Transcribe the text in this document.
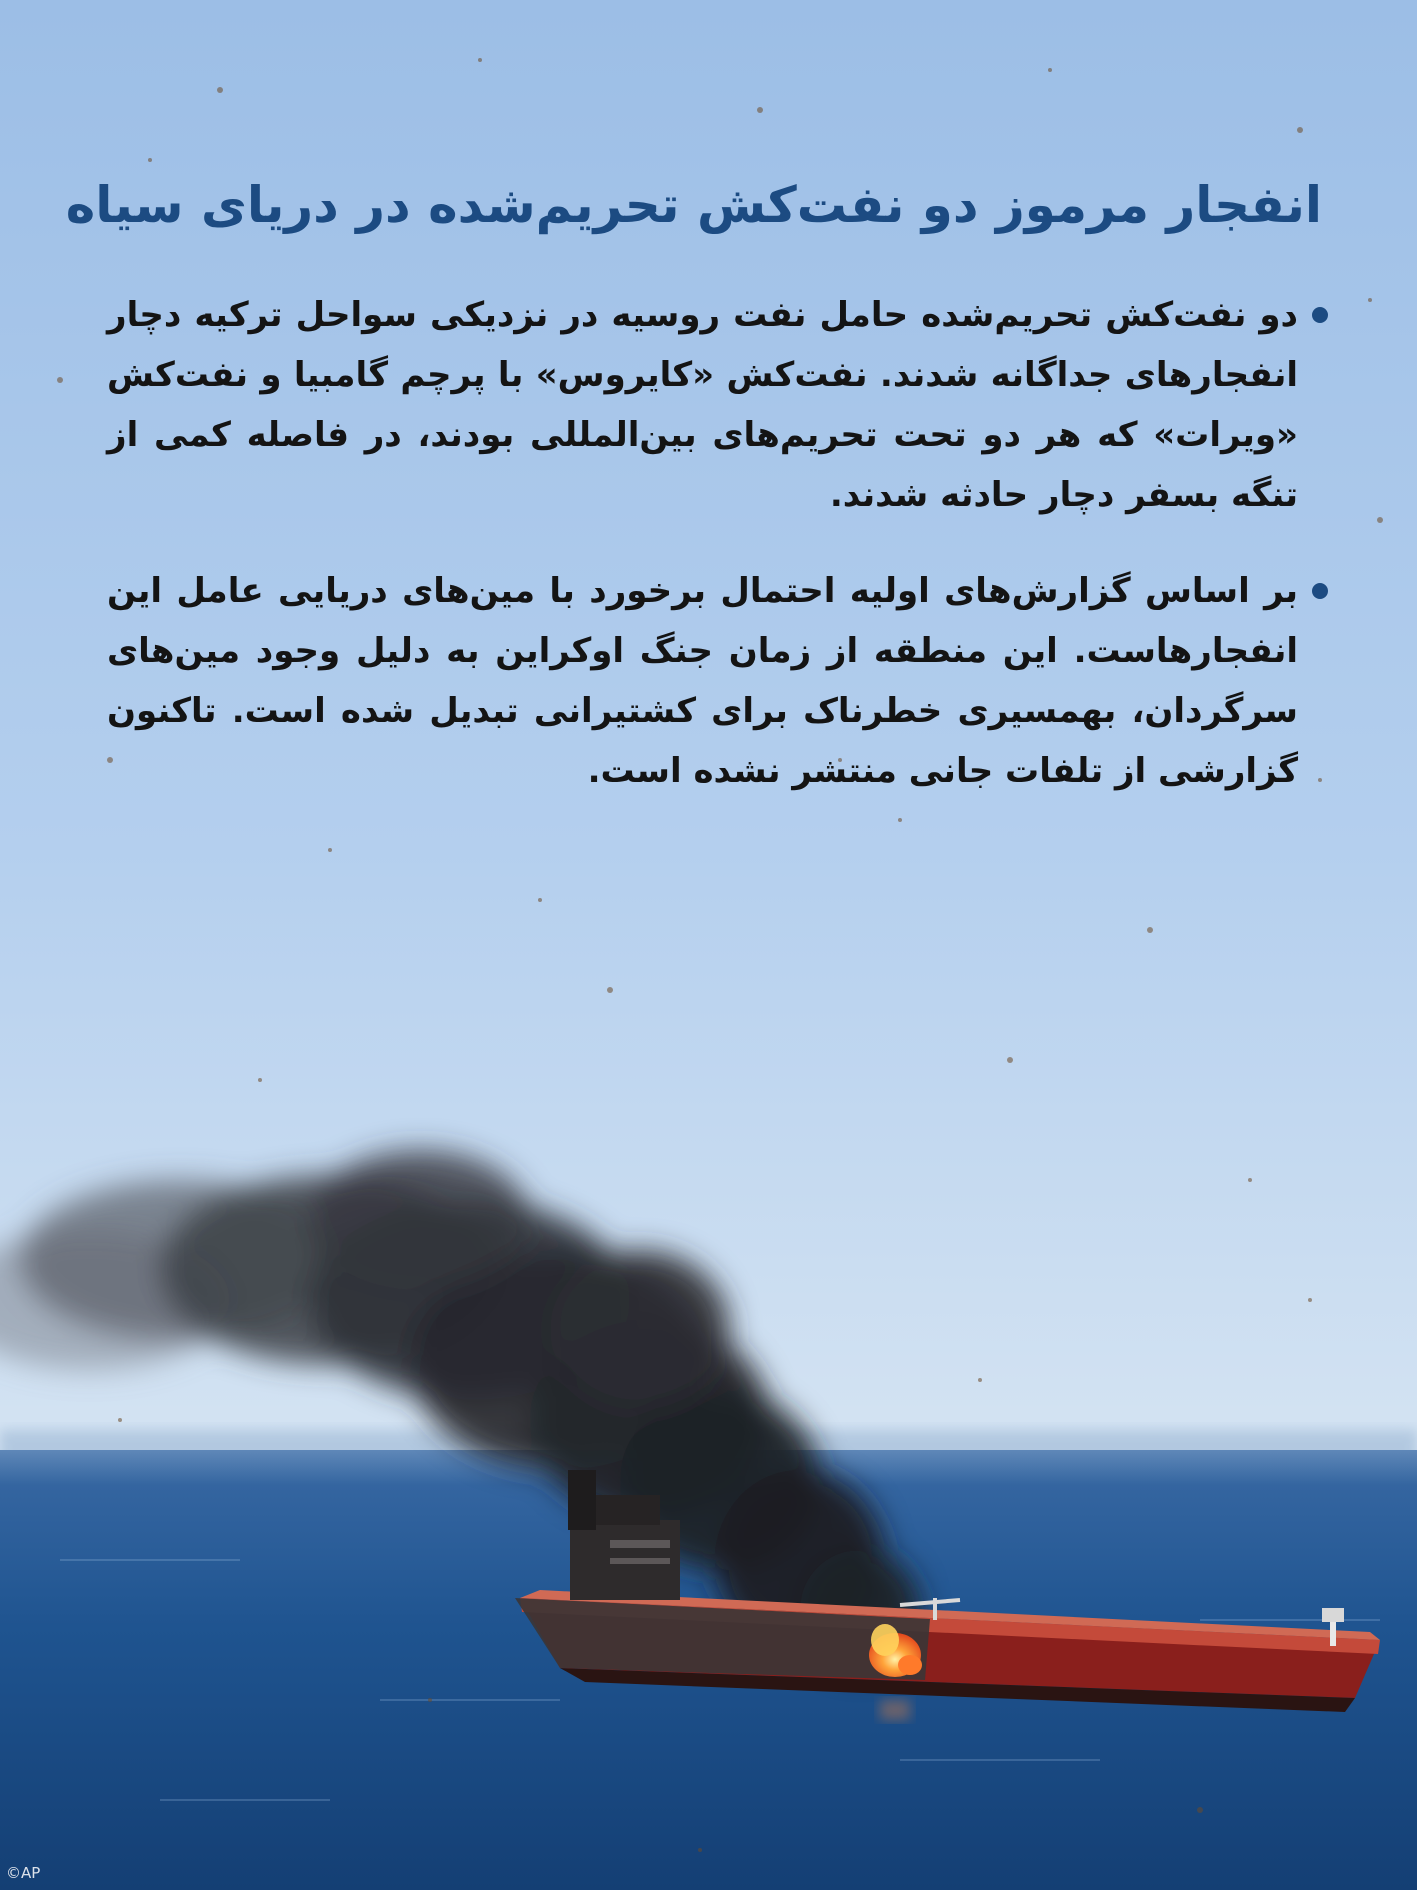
انفجار مرموز دو نفت‌کش تحریم‌شده در دریای سیاه
دو نفت‌کش تحریم‌شده حامل نفت روسیه در نزدیکی سواحل ترکیه دچار انفجارهای جداگانه شدند. نفت‌کش «کایروس» با پرچم گامبیا و نفت‌کش «ویرات» که هر دو تحت تحریم‌های بین‌المللی بودند، در فاصله کمی از تنگه بسفر دچار حادثه شدند.
بر اساس گزارش‌های اولیه احتمال برخورد با مین‌های دریایی عامل این انفجارهاست. این منطقه از زمان جنگ اوکراین به دلیل وجود مین‌های سرگردان، بهمسیری خطرناک برای کشتیرانی تبدیل شده است. تاکنون گزارشی از تلفات جانی منتشر نشده است.
©AP
